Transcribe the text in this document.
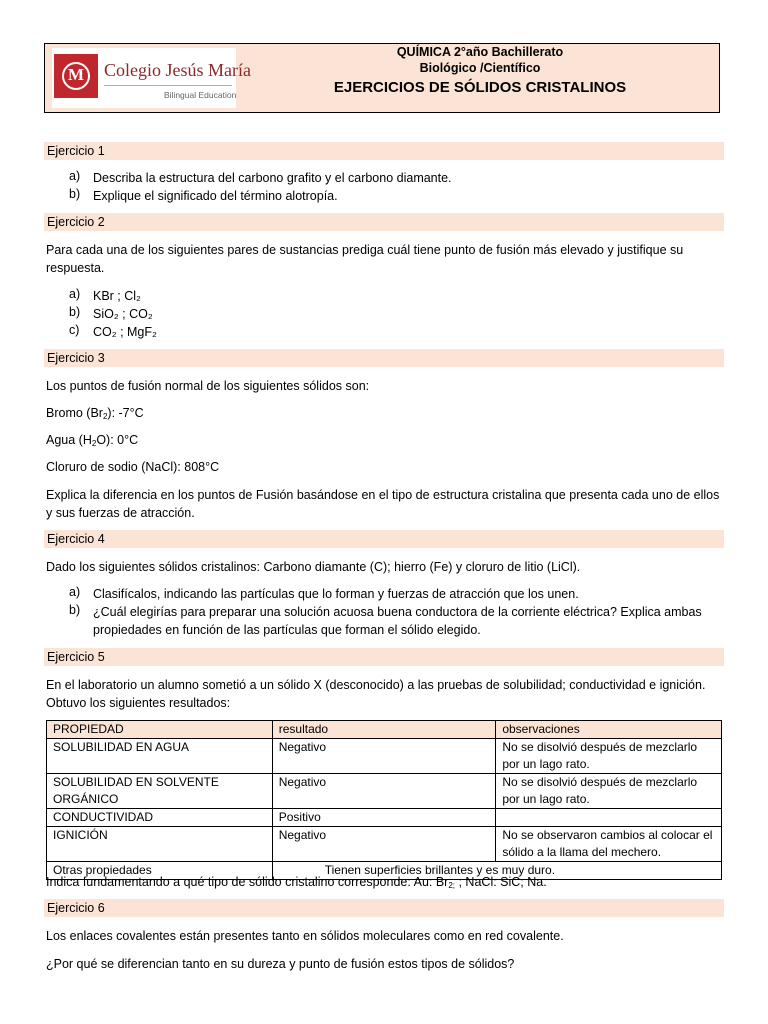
M	Colegio Jesús María
Bilingual Education
QUÍMICA 2°año Bachillerato
Biológico /Científico
EJERCICIOS DE SÓLIDOS CRISTALINOS
Ejercicio 1
a) Describa la estructura del carbono grafito y el carbono diamante.
b) Explique el significado del término alotropía.
Ejercicio 2
Para cada una de los siguientes pares de sustancias prediga cuál tiene punto de fusión más elevado y justifique su respuesta.
a) KBr ; Cl₂
b) SiO₂ ; CO₂
c) CO₂ ; MgF₂
Ejercicio 3
Los puntos de fusión normal de los siguientes sólidos son:
Bromo $(Br_2)$: -7°C
Agua $(H_2O)$: 0°C
Cloruro de sodio (NaCl): 808°C
Explica la diferencia en los puntos de Fusión basándose en el tipo de estructura cristalina que presenta cada uno de ellos y sus fuerzas de atracción.
Ejercicio 4
Dado los siguientes sólidos cristalinos: Carbono diamante (C); hierro (Fe) y cloruro de litio (LiCl).
a) Clasifícalos, indicando las partículas que lo forman y fuerzas de atracción que los unen.
b) ¿Cuál elegirías para preparar una solución acuosa buena conductora de la corriente eléctrica? Explica ambas propiedades en función de las partículas que forman el sólido elegido.
Ejercicio 5
En el laboratorio un alumno sometió a un sólido X (desconocido) a las pruebas de solubilidad; conductividad e ignición. Obtuvo los siguientes resultados:
PROPIEDAD	resultado	observaciones
SOLUBILIDAD EN AGUA	Negativo	No se disolvió después de mezclarlo por un lago rato.
SOLUBILIDAD EN SOLVENTE ORGÁNICO	Negativo	No se disolvió después de mezclarlo por un lago rato.
CONDUCTIVIDAD	Positivo	
IGNICIÓN	Negativo	No se observaron cambios al colocar el sólido a la llama del mechero.
Otras propiedades	Tienen superficies brillantes y es muy duro.	
Indica fundamentando a qué tipo de sólido cristalino corresponde: Au: $Br_{2;}$ ; NaCl: SiC; Na.
Ejercicio 6
Los enlaces covalentes están presentes tanto en sólidos moleculares como en red covalente.
¿Por qué se diferencian tanto en su dureza y punto de fusión estos tipos de sólidos?
